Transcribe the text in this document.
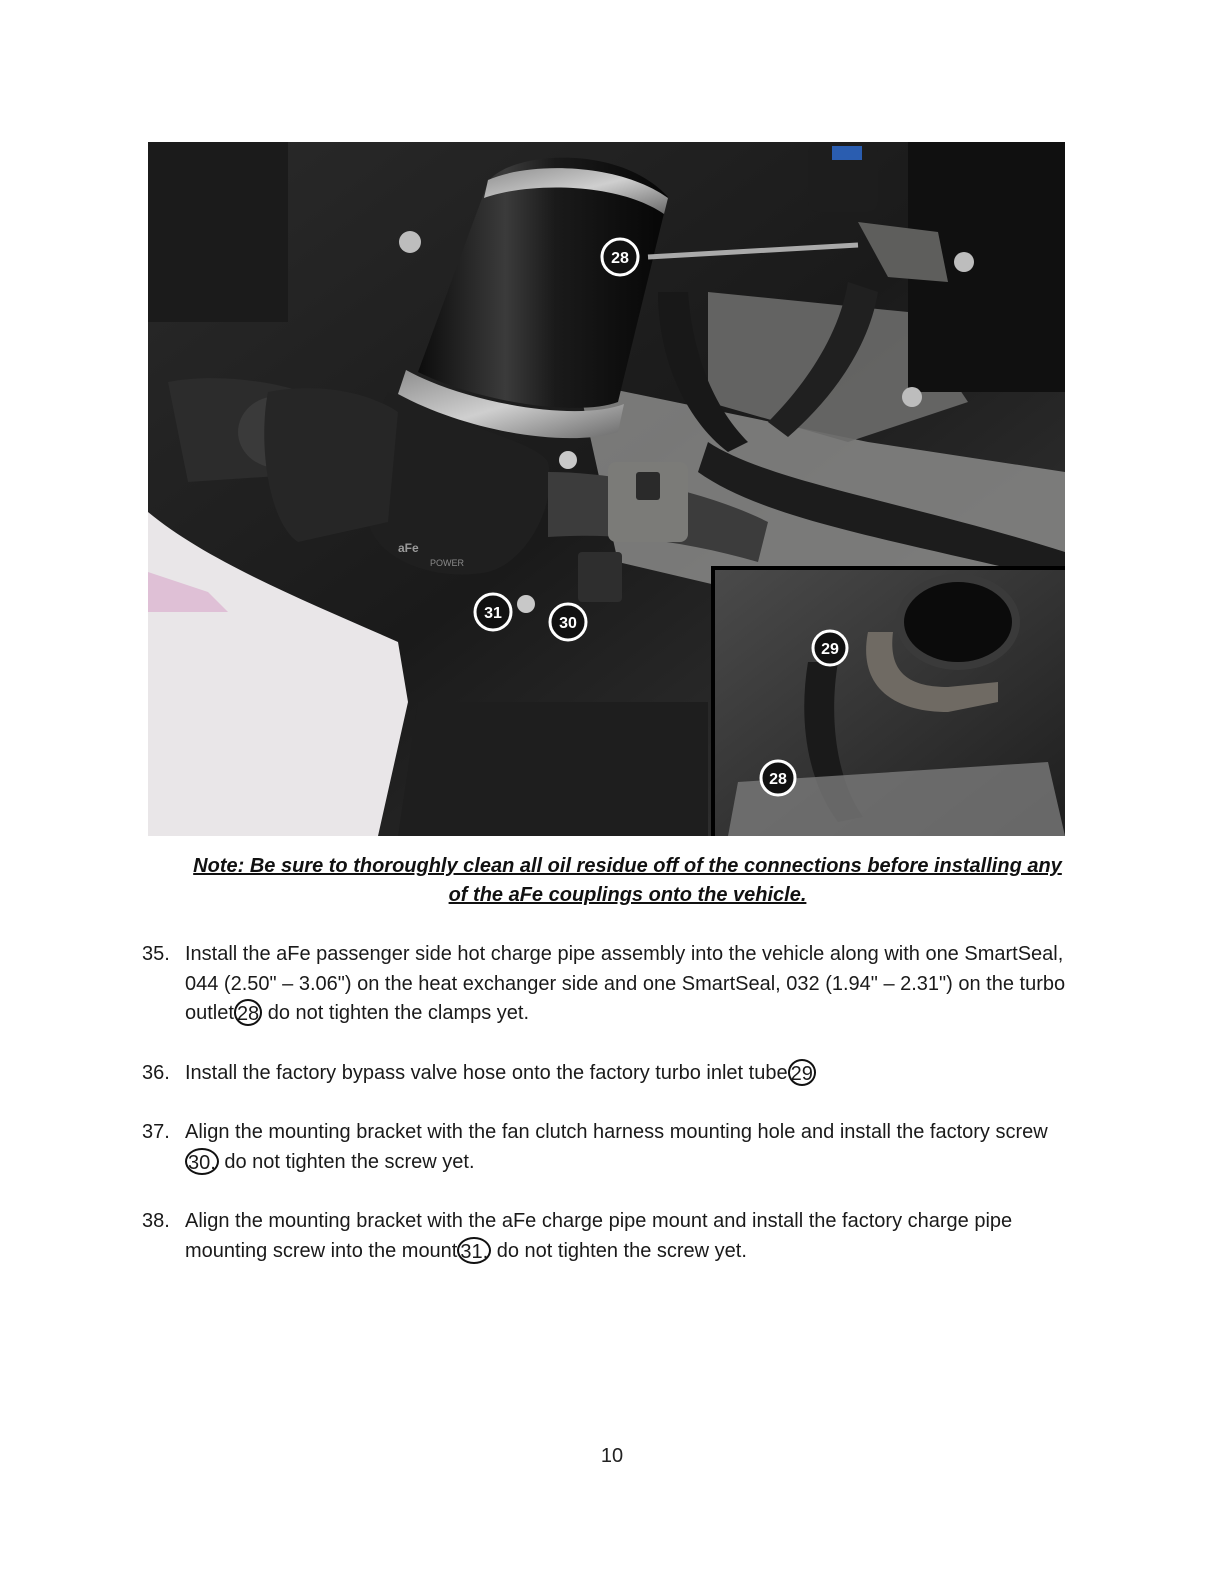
aFe
POWER
28
31
30
29
28
Note: Be sure to thoroughly clean all oil residue off of the connections before installing any of the aFe couplings onto the vehicle.
35. Install the aFe passenger side hot charge pipe assembly into the vehicle along with one SmartSeal, 044 (2.50" – 3.06") on the heat exchanger side and one SmartSeal, 032 (1.94" – 2.31") on the turbo outlet 28 do not tighten the clamps yet.
36. Install the factory bypass valve hose onto the factory turbo inlet tube 29
37. Align the mounting bracket with the fan clutch harness mounting hole and install the factory screw 30, do not tighten the screw yet.
38. Align the mounting bracket with the aFe charge pipe mount and install the factory charge pipe mounting screw into the mount 31, do not tighten the screw yet.
10
